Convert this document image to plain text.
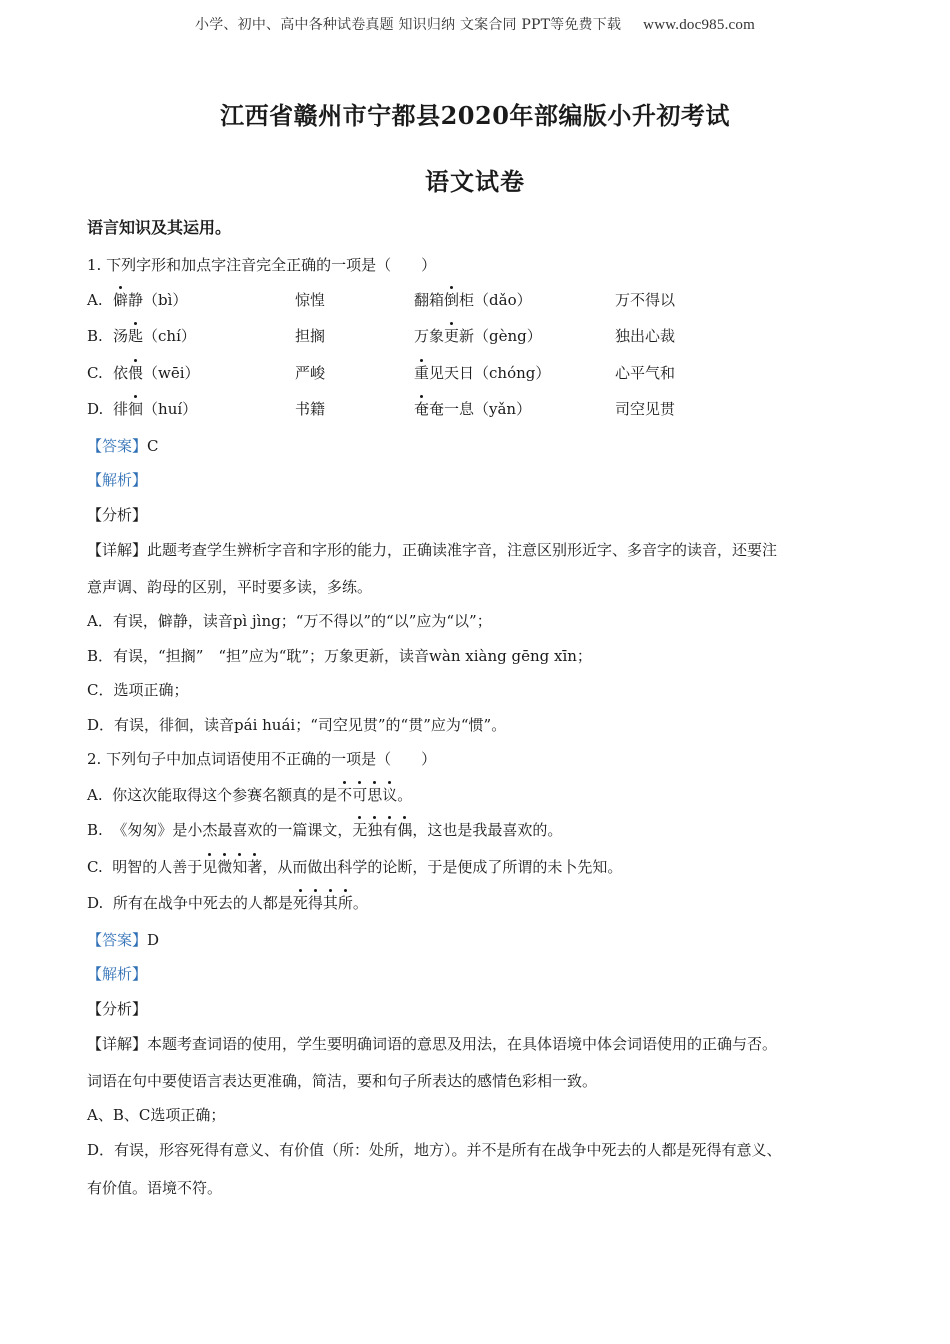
小学、初中、高中各种试卷真题 知识归纳 文案合同 PPT等免费下载 www.doc985.com
江西省赣州市宁都县2020年部编版小升初考试
语文试卷
语言知识及其运用。
1. 下列字形和加点字注音完全正确的一项是（　　）
A. 僻静（bì）	惊惶	翻箱倒柜（dǎo）	万不得以
B. 汤匙（chí）	担搁	万象更新（gèng）	独出心裁
C. 依偎（wēi）	严峻	重见天日（chóng）	心平气和
D. 徘徊（huí）	书籍	奄奄一息（yǎn）	司空见贯
【答案】C
【解析】
【分析】
【详解】此题考查学生辨析字音和字形的能力，正确读准字音，注意区别形近字、多音字的读音，还要注
意声调、韵母的区别，平时要多读，多练。
A．有误，僻静，读音pì jìng；“万不得以”的“以”应为“以”；
B．有误，“担搁”　“担”应为“耽”；万象更新，读音wàn xiàng gēng xīn；
C．选项正确；
D．有误，徘徊，读音pái huái；“司空见贯”的“贯”应为“惯”。
2. 下列句子中加点词语使用不正确的一项是（　　）
A. 你这次能取得这个参赛名额真的是不可思议。
B. 《匆匆》是小杰最喜欢的一篇课文，无独有偶，这也是我最喜欢的。
C. 明智的人善于见微知著，从而做出科学的论断，于是便成了所谓的未卜先知。
D. 所有在战争中死去的人都是死得其所。
【答案】D
【解析】
【分析】
【详解】本题考查词语的使用，学生要明确词语的意思及用法，在具体语境中体会词语使用的正确与否。
词语在句中要使语言表达更准确，简洁，要和句子所表达的感情色彩相一致。
A、B、C选项正确；
D．有误，形容死得有意义、有价值（所：处所，地方）。并不是所有在战争中死去的人都是死得有意义、
有价值。语境不符。
